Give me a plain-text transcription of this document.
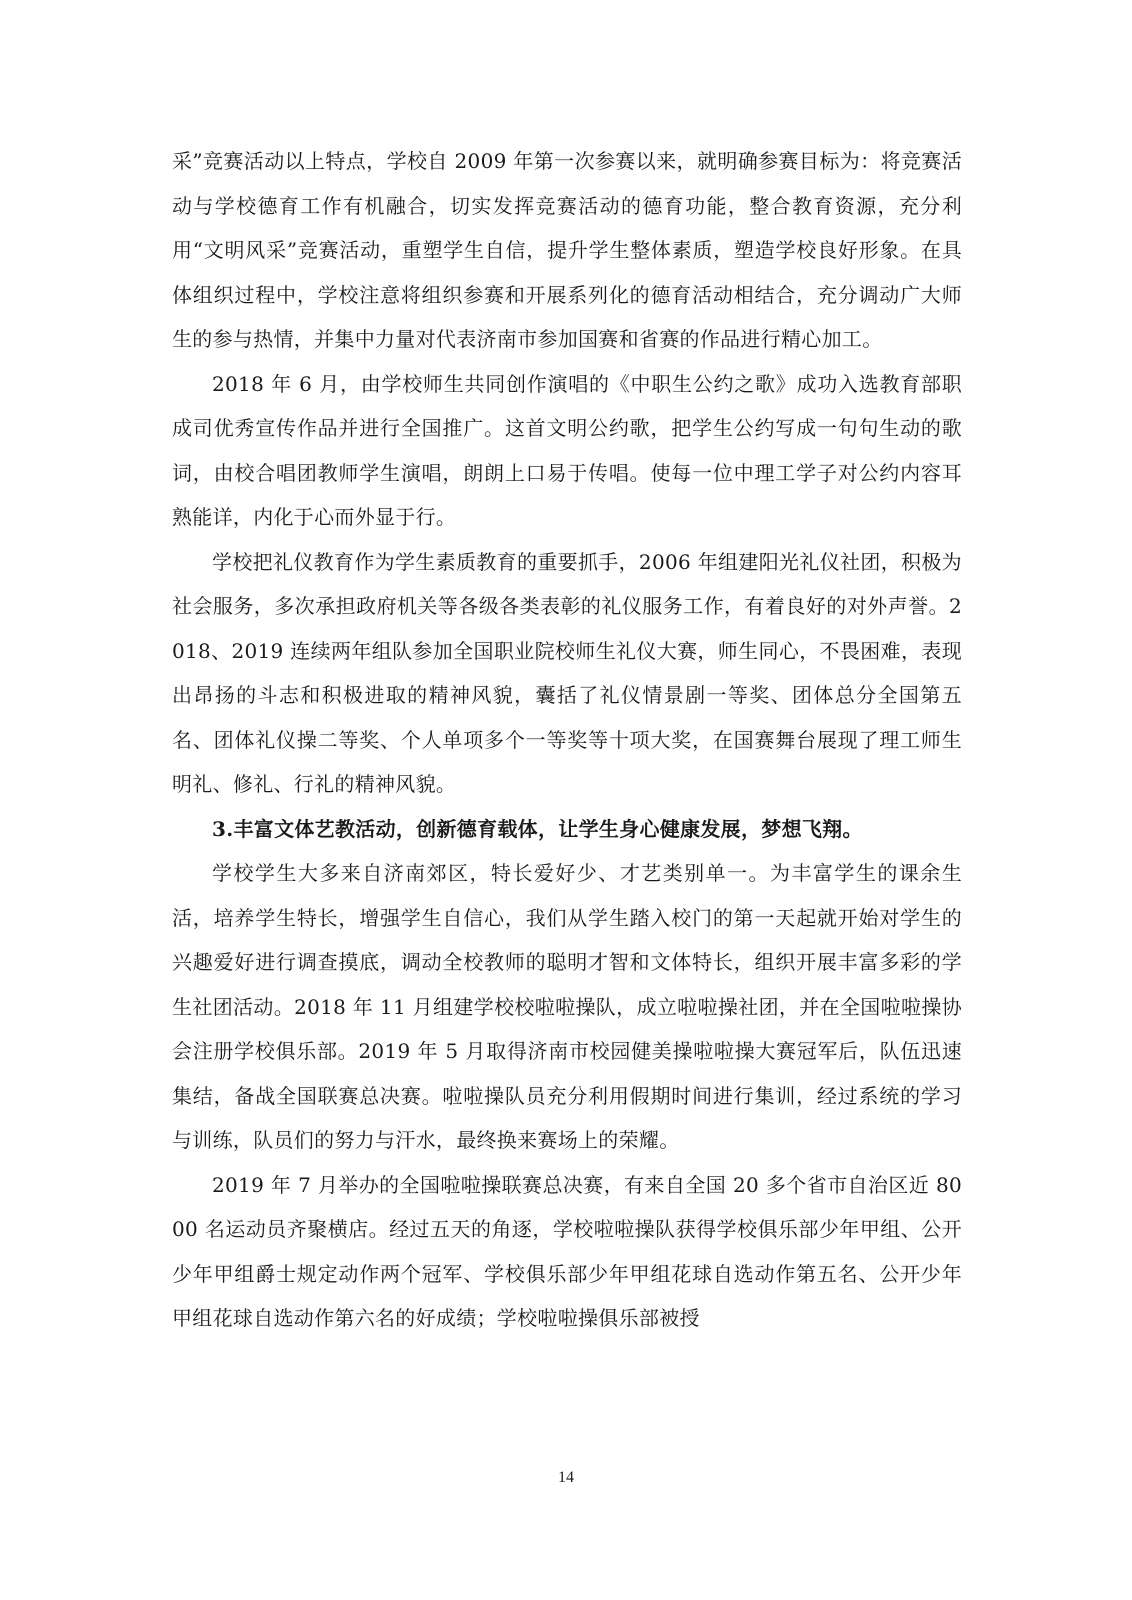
采”竞赛活动以上特点，学校自 2009 年第一次参赛以来，就明确参赛目标为：将竞赛活动与学校德育工作有机融合，切实发挥竞赛活动的德育功能，整合教育资源，充分利用“文明风采”竞赛活动，重塑学生自信，提升学生整体素质，塑造学校良好形象。在具体组织过程中，学校注意将组织参赛和开展系列化的德育活动相结合，充分调动广大师生的参与热情，并集中力量对代表济南市参加国赛和省赛的作品进行精心加工。

2018 年 6 月，由学校师生共同创作演唱的《中职生公约之歌》成功入选教育部职成司优秀宣传作品并进行全国推广。这首文明公约歌，把学生公约写成一句句生动的歌词，由校合唱团教师学生演唱，朗朗上口易于传唱。使每一位中理工学子对公约内容耳熟能详，内化于心而外显于行。

学校把礼仪教育作为学生素质教育的重要抓手，2006 年组建阳光礼仪社团，积极为社会服务，多次承担政府机关等各级各类表彰的礼仪服务工作，有着良好的对外声誉。2018、2019 连续两年组队参加全国职业院校师生礼仪大赛，师生同心，不畏困难，表现出昂扬的斗志和积极进取的精神风貌，囊括了礼仪情景剧一等奖、团体总分全国第五名、团体礼仪操二等奖、个人单项多个一等奖等十项大奖，在国赛舞台展现了理工师生明礼、修礼、行礼的精神风貌。

3.丰富文体艺教活动，创新德育载体，让学生身心健康发展，梦想飞翔。

学校学生大多来自济南郊区，特长爱好少、才艺类别单一。为丰富学生的课余生活，培养学生特长，增强学生自信心，我们从学生踏入校门的第一天起就开始对学生的兴趣爱好进行调查摸底，调动全校教师的聪明才智和文体特长，组织开展丰富多彩的学生社团活动。2018 年 11 月组建学校校啦啦操队，成立啦啦操社团，并在全国啦啦操协会注册学校俱乐部。2019 年 5 月取得济南市校园健美操啦啦操大赛冠军后，队伍迅速集结，备战全国联赛总决赛。啦啦操队员充分利用假期时间进行集训，经过系统的学习与训练，队员们的努力与汗水，最终换来赛场上的荣耀。

2019 年 7 月举办的全国啦啦操联赛总决赛，有来自全国 20 多个省市自治区近 8000 名运动员齐聚横店。经过五天的角逐，学校啦啦操队获得学校俱乐部少年甲组、公开少年甲组爵士规定动作两个冠军、学校俱乐部少年甲组花球自选动作第五名、公开少年甲组花球自选动作第六名的好成绩；学校啦啦操俱乐部被授

14
